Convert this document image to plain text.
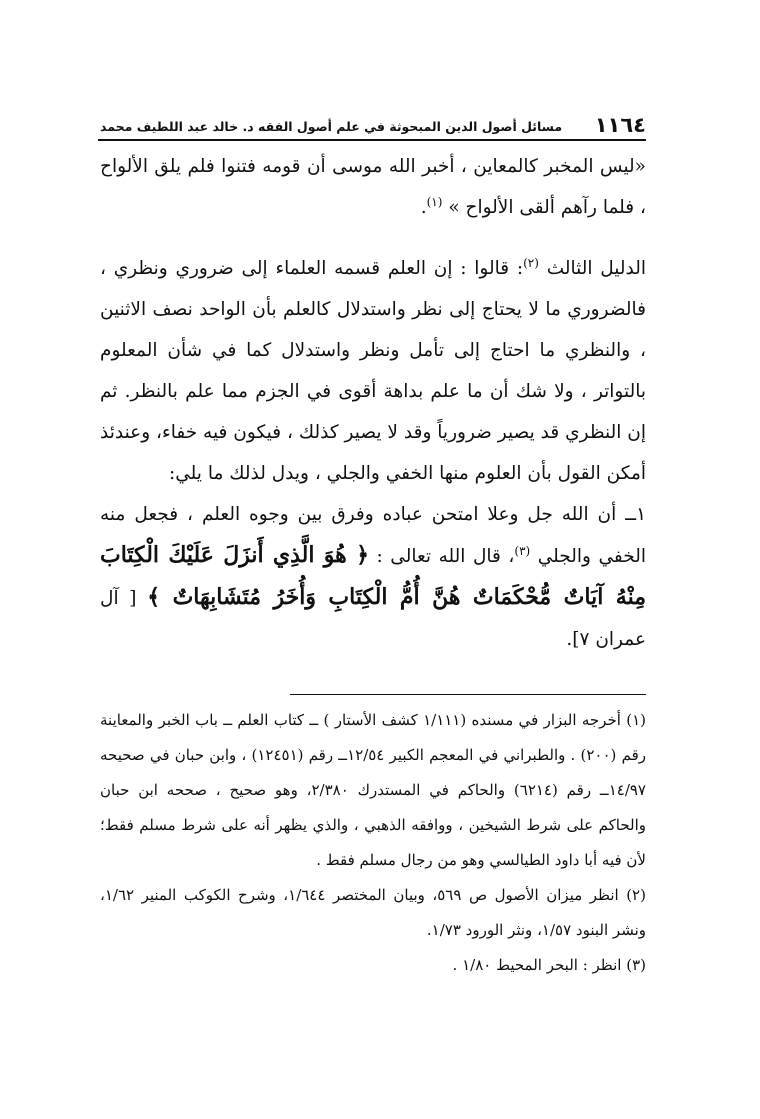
١١٦٤
مسائل أصول الدين المبحوثة في علم أصول الفقه د. خالد عبد اللطيف محمد

«ليس المخبر كالمعاين ، أخبر الله موسى أن قومه فتنوا فلم يلق الألواح ، فلما رآهم ألقى الألواح » $^{(١)}$.

الدليل الثالث $^{(٢)}$: قالوا : إن العلم قسمه العلماء إلى ضروري ونظري ، فالضروري ما لا يحتاج إلى نظر واستدلال كالعلم بأن الواحد نصف الاثنين ، والنظري ما احتاج إلى تأمل ونظر واستدلال كما في شأن المعلوم بالتواتر ، ولا شك أن ما علم بداهة أقوى في الجزم مما علم بالنظر. ثم إن النظري قد يصير ضرورياً وقد لا يصير كذلك ، فيكون فيه خفاء، وعندئذ أمكن القول بأن العلوم منها الخفي والجلي ، ويدل لذلك ما يلي:

١ــ أن الله جل وعلا امتحن عباده وفرق بين وجوه العلم ، فجعل منه الخفي والجلي $^{(٣)}$، قال الله تعالى : ﴿ هُوَ الَّذِي أَنزَلَ عَلَيْكَ الْكِتَابَ مِنْهُ آيَاتٌ مُّحْكَمَاتٌ هُنَّ أُمُّ الْكِتَابِ وَأُخَرُ مُتَشَابِهَاتٌ ﴾ [ آل عمران ٧].

(١) أخرجه البزار في مسنده (١/١١١ كشف الأستار ) ــ كتاب العلم ــ باب الخبر والمعاينة رقم (٢٠٠) . والطبراني في المعجم الكبير ١٢/٥٤ــ رقم (١٢٤٥١) ، وابن حبان في صحيحه ١٤/٩٧ــ رقم (٦٢١٤) والحاكم في المستدرك ٢/٣٨٠، وهو صحيح ، صححه ابن حبان والحاكم على شرط الشيخين ، ووافقه الذهبي ، والذي يظهر أنه على شرط مسلم فقط؛ لأن فيه أبا داود الطيالسي وهو من رجال مسلم فقط .

(٢) انظر ميزان الأصول ص ٥٦٩، وبيان المختصر ١/٦٤٤، وشرح الكوكب المنير ١/٦٢، ونشر البنود ١/٥٧، ونثر الورود ١/٧٣.

(٣) انظر : البحر المحيط ١/٨٠ .
